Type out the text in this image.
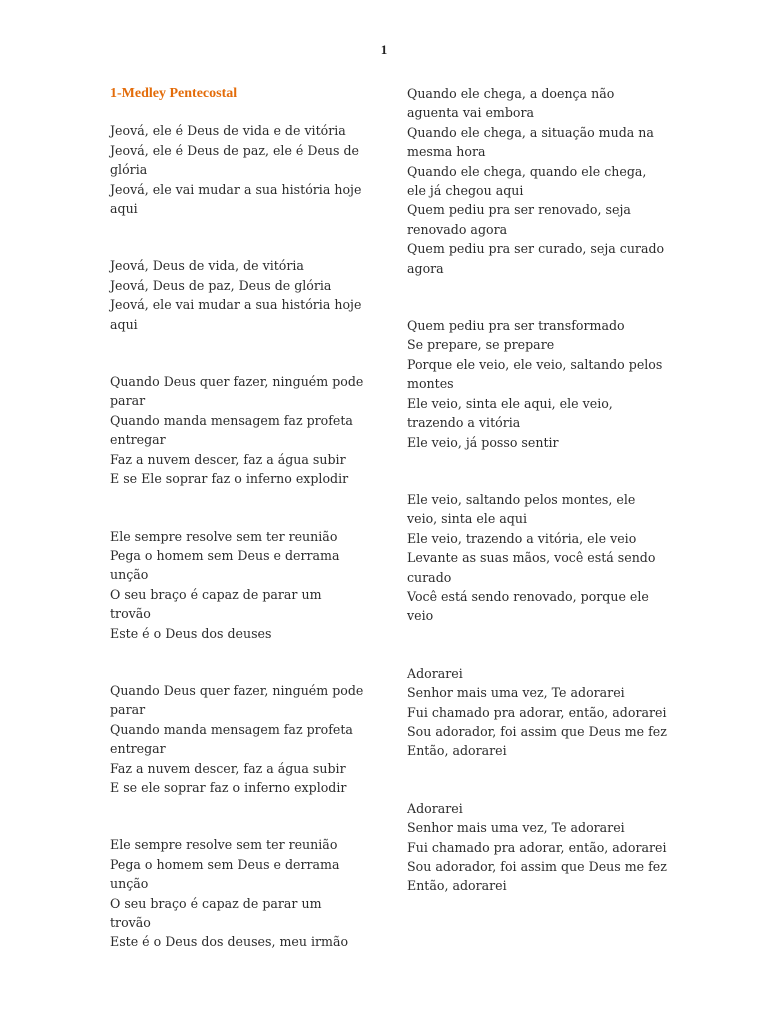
1
1-Medley Pentecostal

Jeová, ele é Deus de vida e de vitória

Jeová, ele é Deus de paz, ele é Deus de glória

Jeová, ele vai mudar a sua história hoje aqui

Jeová, Deus de vida, de vitória

Jeová, Deus de paz, Deus de glória

Jeová, ele vai mudar a sua história hoje aqui

Quando Deus quer fazer, ninguém pode parar

Quando manda mensagem faz profeta entregar

Faz a nuvem descer, faz a água subir

E se Ele soprar faz o inferno explodir

Ele sempre resolve sem ter reunião

Pega o homem sem Deus e derrama unção

O seu braço é capaz de parar um trovão

Este é o Deus dos deuses

Quando Deus quer fazer, ninguém pode parar

Quando manda mensagem faz profeta entregar

Faz a nuvem descer, faz a água subir

E se ele soprar faz o inferno explodir

Ele sempre resolve sem ter reunião

Pega o homem sem Deus e derrama unção

O seu braço é capaz de parar um trovão

Este é o Deus dos deuses, meu irmão

Quando ele chega, a doença não aguenta vai embora

Quando ele chega, a situação muda na mesma hora

Quando ele chega, quando ele chega, ele já chegou aqui

Quem pediu pra ser renovado, seja renovado agora

Quem pediu pra ser curado, seja curado agora

Quem pediu pra ser transformado

Se prepare, se prepare

Porque ele veio, ele veio, saltando pelos montes

Ele veio, sinta ele aqui, ele veio, trazendo a vitória

Ele veio, já posso sentir

Ele veio, saltando pelos montes, ele veio, sinta ele aqui

Ele veio, trazendo a vitória, ele veio

Levante as suas mãos, você está sendo curado

Você está sendo renovado, porque ele veio

Adorarei

Senhor mais uma vez, Te adorarei

Fui chamado pra adorar, então, adorarei

Sou adorador, foi assim que Deus me fez

Então, adorarei

Adorarei

Senhor mais uma vez, Te adorarei

Fui chamado pra adorar, então, adorarei

Sou adorador, foi assim que Deus me fez

Então, adorarei
